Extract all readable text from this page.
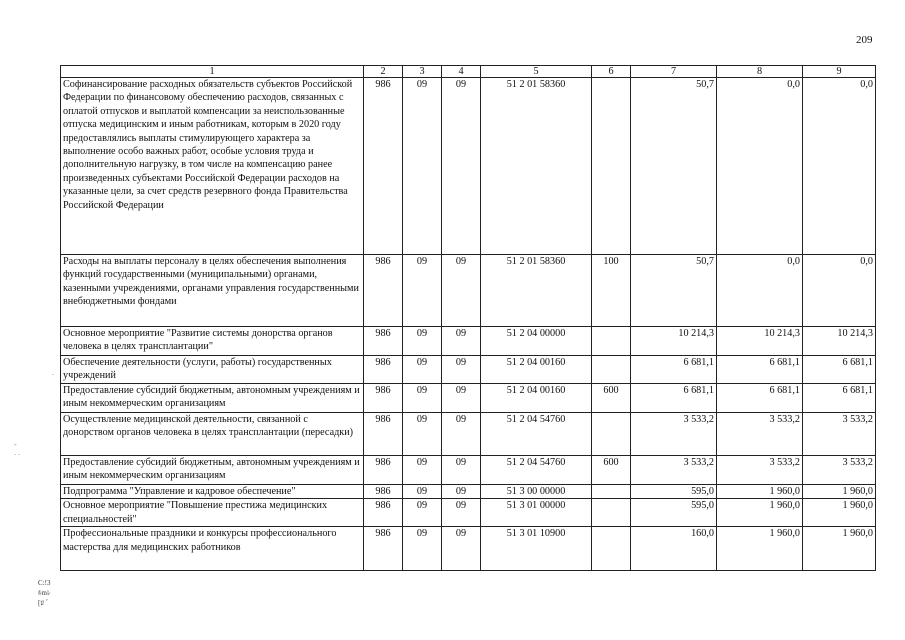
209
1	2	3	4	5	6	7	8	9
Софинансирование расходных обязательств субъектов Российской Федерации по финансовому обеспечению расходов, связанных с оплатой отпусков и выплатой компенсации за неиспользованные отпуска медицинским и иным работникам, которым в 2020 году предоставлялись выплаты стимулирующего характера за выполнение особо важных работ, особые условия труда и дополнительную нагрузку, в том числе на компенсацию ранее произведенных субъектами Российской Федерации расходов на указанные цели, за счет средств резервного фонда Правительства Российской Федерации	986	09	09	51 2 01 58360		50,7	0,0	0,0
Расходы на выплаты персоналу в целях обеспечения выполнения функций государственными (муниципальными) органами, казенными учреждениями, органами управления государственными внебюджетными фондами	986	09	09	51 2 01 58360	100	50,7	0,0	0,0
Основное мероприятие "Развитие системы донорства органов человека в целях трансплантации"	986	09	09	51 2 04 00000		10 214,3	10 214,3	10 214,3
Обеспечение деятельности (услуги, работы) государственных учреждений	986	09	09	51 2 04 00160		6 681,1	6 681,1	6 681,1
Предоставление субсидий бюджетным, автономным учреждениям и иным некоммерческим организациям	986	09	09	51 2 04 00160	600	6 681,1	6 681,1	6 681,1
Осуществление медицинской деятельности, связанной с донорством органов человека в целях трансплантации (пересадки)	986	09	09	51 2 04 54760		3 533,2	3 533,2	3 533,2
Предоставление субсидий бюджетным, автономным учреждениям и иным некоммерческим организациям	986	09	09	51 2 04 54760	600	3 533,2	3 533,2	3 533,2
Подпрограмма "Управление и кадровое обеспечение"	986	09	09	51 3 00 00000		595,0	1 960,0	1 960,0
Основное мероприятие "Повышение престижа медицинских специальностей"	986	09	09	51 3 01 00000		595,0	1 960,0	1 960,0
Профессиональные праздники и конкурсы профессионального мастерства для медицинских работников	986	09	09	51 3 01 10900		160,0	1 960,0	1 960,0
С:!3
ﾙmﾚ
[ﾛ ﾞ
.
-
. .
